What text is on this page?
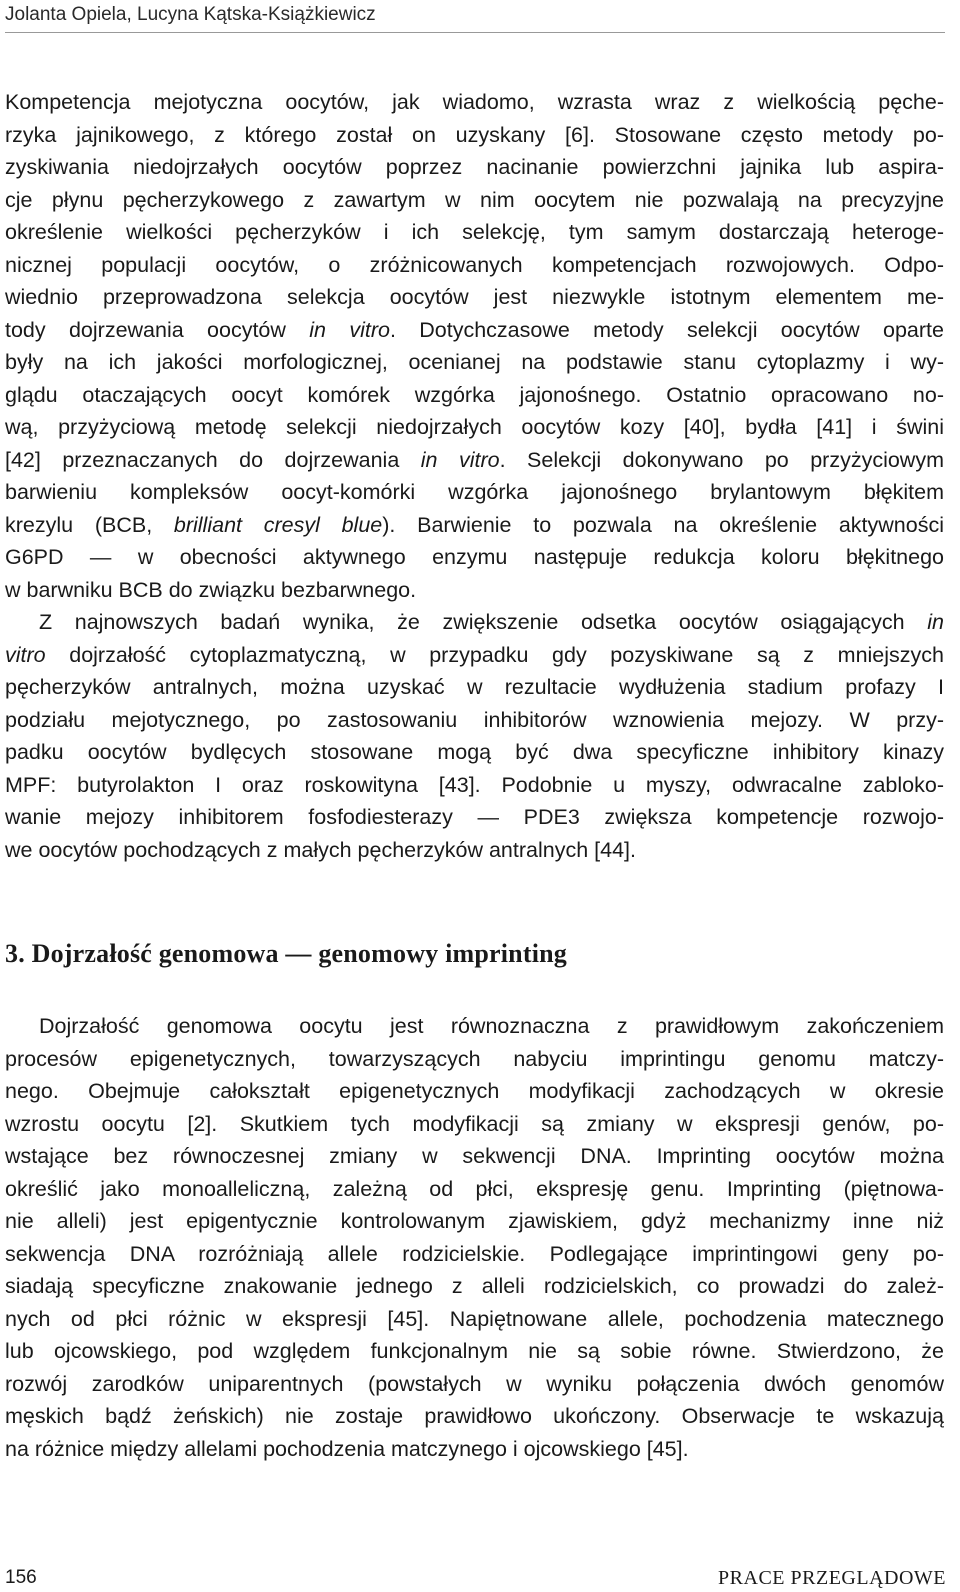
Jolanta Opiela, Lucyna Kątska-Książkiewicz
Kompetencja mejotyczna oocytów, jak wiadomo, wzrasta wraz z wielkością pęche-
rzyka jajnikowego, z którego został on uzyskany [6]. Stosowane często metody po-
zyskiwania niedojrzałych oocytów poprzez nacinanie powierzchni jajnika lub aspira-
cje płynu pęcherzykowego z zawartym w nim oocytem nie pozwalają na precyzyjne
określenie wielkości pęcherzyków i ich selekcję, tym samym dostarczają heteroge-
nicznej populacji oocytów, o zróżnicowanych kompetencjach rozwojowych. Odpo-
wiednio przeprowadzona selekcja oocytów jest niezwykle istotnym elementem me-
tody dojrzewania oocytów in vitro. Dotychczasowe metody selekcji oocytów oparte
były na ich jakości morfologicznej, ocenianej na podstawie stanu cytoplazmy i wy-
glądu otaczających oocyt komórek wzgórka jajonośnego. Ostatnio opracowano no-
wą, przyżyciową metodę selekcji niedojrzałych oocytów kozy [40], bydła [41] i świni
[42] przeznaczanych do dojrzewania in vitro. Selekcji dokonywano po przyżyciowym
barwieniu kompleksów oocyt-komórki wzgórka jajonośnego brylantowym błękitem
krezylu (BCB, brilliant cresyl blue). Barwienie to pozwala na określenie aktywności
G6PD — w obecności aktywnego enzymu następuje redukcja koloru błękitnego
w barwniku BCB do związku bezbarwnego.
Z najnowszych badań wynika, że zwiększenie odsetka oocytów osiągających in
vitro dojrzałość cytoplazmatyczną, w przypadku gdy pozyskiwane są z mniejszych
pęcherzyków antralnych, można uzyskać w rezultacie wydłużenia stadium profazy I
podziału mejotycznego, po zastosowaniu inhibitorów wznowienia mejozy. W przy-
padku oocytów bydlęcych stosowane mogą być dwa specyficzne inhibitory kinazy
MPF: butyrolakton I oraz roskowityna [43]. Podobnie u myszy, odwracalne zabloko-
wanie mejozy inhibitorem fosfodiesterazy — PDE3 zwiększa kompetencje rozwojo-
we oocytów pochodzących z małych pęcherzyków antralnych [44].
3. Dojrzałość genomowa — genomowy imprinting
Dojrzałość genomowa oocytu jest równoznaczna z prawidłowym zakończeniem
procesów epigenetycznych, towarzyszących nabyciu imprintingu genomu matczy-
nego. Obejmuje całokształt epigenetycznych modyfikacji zachodzących w okresie
wzrostu oocytu [2]. Skutkiem tych modyfikacji są zmiany w ekspresji genów, po-
wstające bez równoczesnej zmiany w sekwencji DNA. Imprinting oocytów można
określić jako monoalleliczną, zależną od płci, ekspresję genu. Imprinting (piętnowa-
nie alleli) jest epigentycznie kontrolowanym zjawiskiem, gdyż mechanizmy inne niż
sekwencja DNA rozróżniają allele rodzicielskie. Podlegające imprintingowi geny po-
siadają specyficzne znakowanie jednego z alleli rodzicielskich, co prowadzi do zależ-
nych od płci różnic w ekspresji [45]. Napiętnowane allele, pochodzenia matecznego
lub ojcowskiego, pod względem funkcjonalnym nie są sobie równe. Stwierdzono, że
rozwój zarodków uniparentnych (powstałych w wyniku połączenia dwóch genomów
męskich bądź żeńskich) nie zostaje prawidłowo ukończony. Obserwacje te wskazują
na różnice między allelami pochodzenia matczynego i ojcowskiego [45].
156	PRACE PRZEGLĄDOWE
